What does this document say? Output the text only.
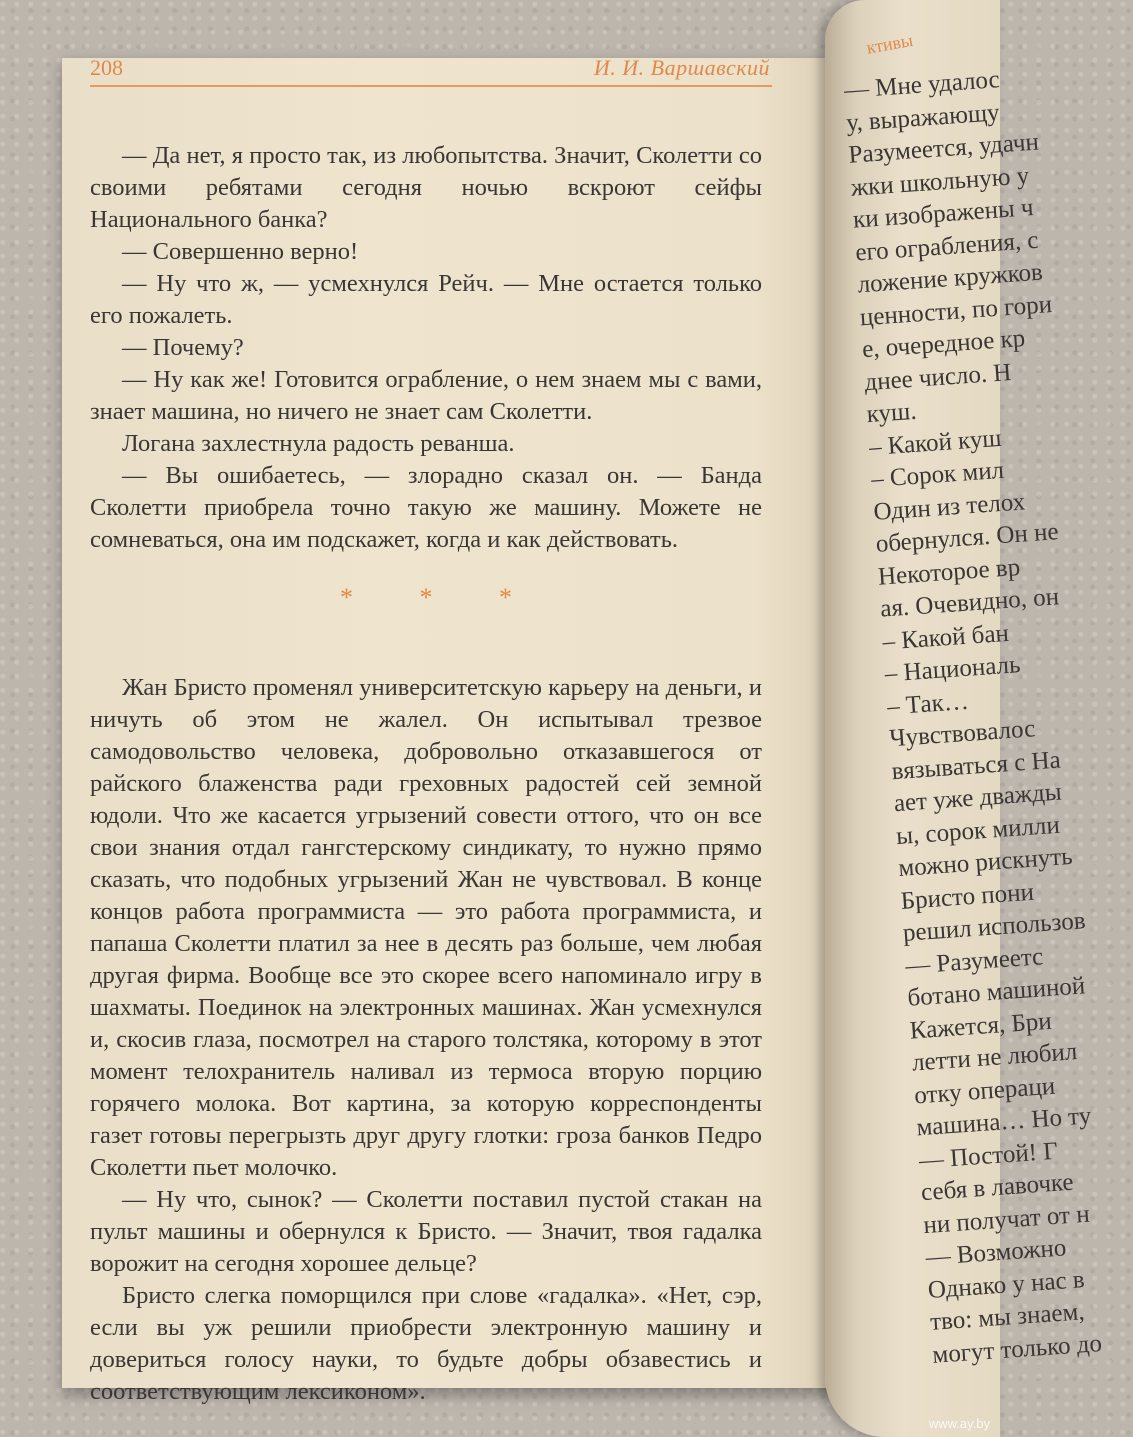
208	И. И. Варшавский

— Да нет, я просто так, из любопытства. Значит, Сколетти со своими ребятами сегодня ночью вскроют сейфы Национального банка?

— Совершенно верно!

— Ну что ж, — усмехнулся Рейч. — Мне остается только его пожалеть.

— Почему?

— Ну как же! Готовится ограбление, о нем знаем мы с вами, знает машина, но ничего не знает сам Сколетти.

Логана захлестнула радость реванша.

— Вы ошибаетесь, — злорадно сказал он. — Банда Сколетти приобрела точно такую же машину. Можете не сомневаться, она им подскажет, когда и как действовать.

* * *

Жан Бристо променял университетскую карьеру на деньги, и ничуть об этом не жалел. Он испытывал трезвое самодовольство человека, добровольно отказавшегося от райского блаженства ради греховных радостей сей земной юдоли. Что же касается угрызений совести оттого, что он все свои знания отдал гангстерскому синдикату, то нужно прямо сказать, что подобных угрызений Жан не чувствовал. В конце концов работа программиста — это работа программиста, и папаша Сколетти платил за нее в десять раз больше, чем любая другая фирма. Вообще все это скорее всего напоминало игру в шахматы. Поединок на электронных машинах. Жан усмехнулся и, скосив глаза, посмотрел на старого толстяка, которому в этот момент телохранитель наливал из термоса вторую порцию горячего молока. Вот картина, за которую корреспонденты газет готовы перегрызть друг другу глотки: гроза банков Педро Сколетти пьет молочко.

— Ну что, сынок? — Сколетти поставил пустой стакан на пульт машины и обернулся к Бристо. — Значит, твоя гадалка ворожит на сегодня хорошее дельце?

Бристо слегка поморщился при слове «гадалка». «Нет, сэр, если вы уж решили приобрести электронную машину и довериться голосу науки, то будьте добры обзавестись и соответствующим лексиконом».

ктивы
— Мне удалос
у, выражающу
Разумеется, удачн
жки школьную у
ки изображены ч
его ограбления, с
ложение кружков
ценности, по гори
е, очередное кр
днее число. Н
куш.
– Какой куш
– Сорок мил
Один из телох
обернулся. Он не
Некоторое вр
ая. Очевидно, он
– Какой бан
– Националь
– Так…
Чувствовалос
вязываться с На
ает уже дважды
ы, сорок милли
можно рискнуть
Бристо пони
решил использов
— Разумеетс
ботано машиной
Кажется, Бри
летти не любил
отку операци
машина… Но ту
— Постой! Г
себя в лавочке
ни получат от н
— Возможно
Однако у нас в
тво: мы знаем,
могут только до
www.ay.by
